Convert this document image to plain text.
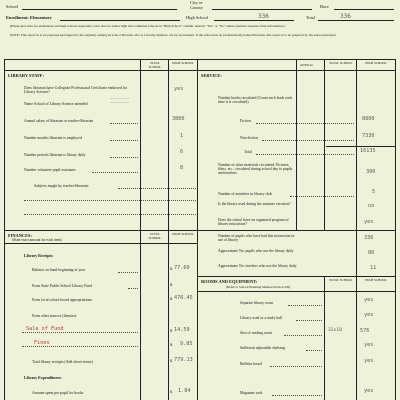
School
City or
County	Race
Enrollment: Elementary	High School	336	Total	336
(Please give data for elementary and high schools separately. Give data for junior high and combined schools in "High School" column. Answer "Yes" or "No" unless question requires other information.)
NOTE: This report is to be prepared and signed by the regularly employed school librarian who is a faculty member, not by an assistant. If the school has no professionally trained librarian, this report is to be prepared by the school principal.
LIBRARY STAFF:
ELEM. SCHOOL
HIGH SCHOOL
Does librarian have Collegiate Professional Certificate endorsed for Library Science?
yes
Name School of Library Science attended
~~~~~~~~
~~~~~~~~
Annual salary of librarian or teacher-librarian	3800
Number months librarian is employed	1
Number periods librarian is library daily	6
Number volunteer pupil assistants	8
Subjects taught by teacher-librarian:
SERVICE:
ANNUAL	ELEM. SCHOOL	HIGH SCHOOL
Number books circulated (Count each book each time it is circulated)
Fiction	8800
Non-fiction	7330
Total	16135
Number of other materials circulated: Pictures, films, etc., circulated during school day to pupils and teachers	300
Number of members in library club	5
Is the library used during the summer vacation?	no
Does the school have an organized program of library instruction?	yes
Number of pupils who have had this instruction in use of library	336
Approximate No. pupils who use the library daily	80
Approximate No. teachers who use the library daily	11
FINANCES:
(State exact amount for each item)
ELEM. SCHOOL
HIGH SCHOOL
Library Receipts:
Balance on hand beginning of year	$ 77.60
From State Public School Library Fund	$
From local school board appropriations	$ 476.45
From other sources (Itemize):
Sale of Fund	$ 14.59
Fines	$ 9.85
Total library receipts (Add above items)	$ 779.13
Library Expenditures:
Amount spent per pupil for books	$ 1.84
ROOMS AND EQUIPMENT:
(Refer to School Planning Manual Section XII)
ELEM. SCHOOL	HIGH SCHOOL
Separate library room	yes
Library used as a study hall	yes
Size of reading room	32x18	576
Sufficient adjustable shelving	yes
Bulletin board	yes
Magazine rack	yes
